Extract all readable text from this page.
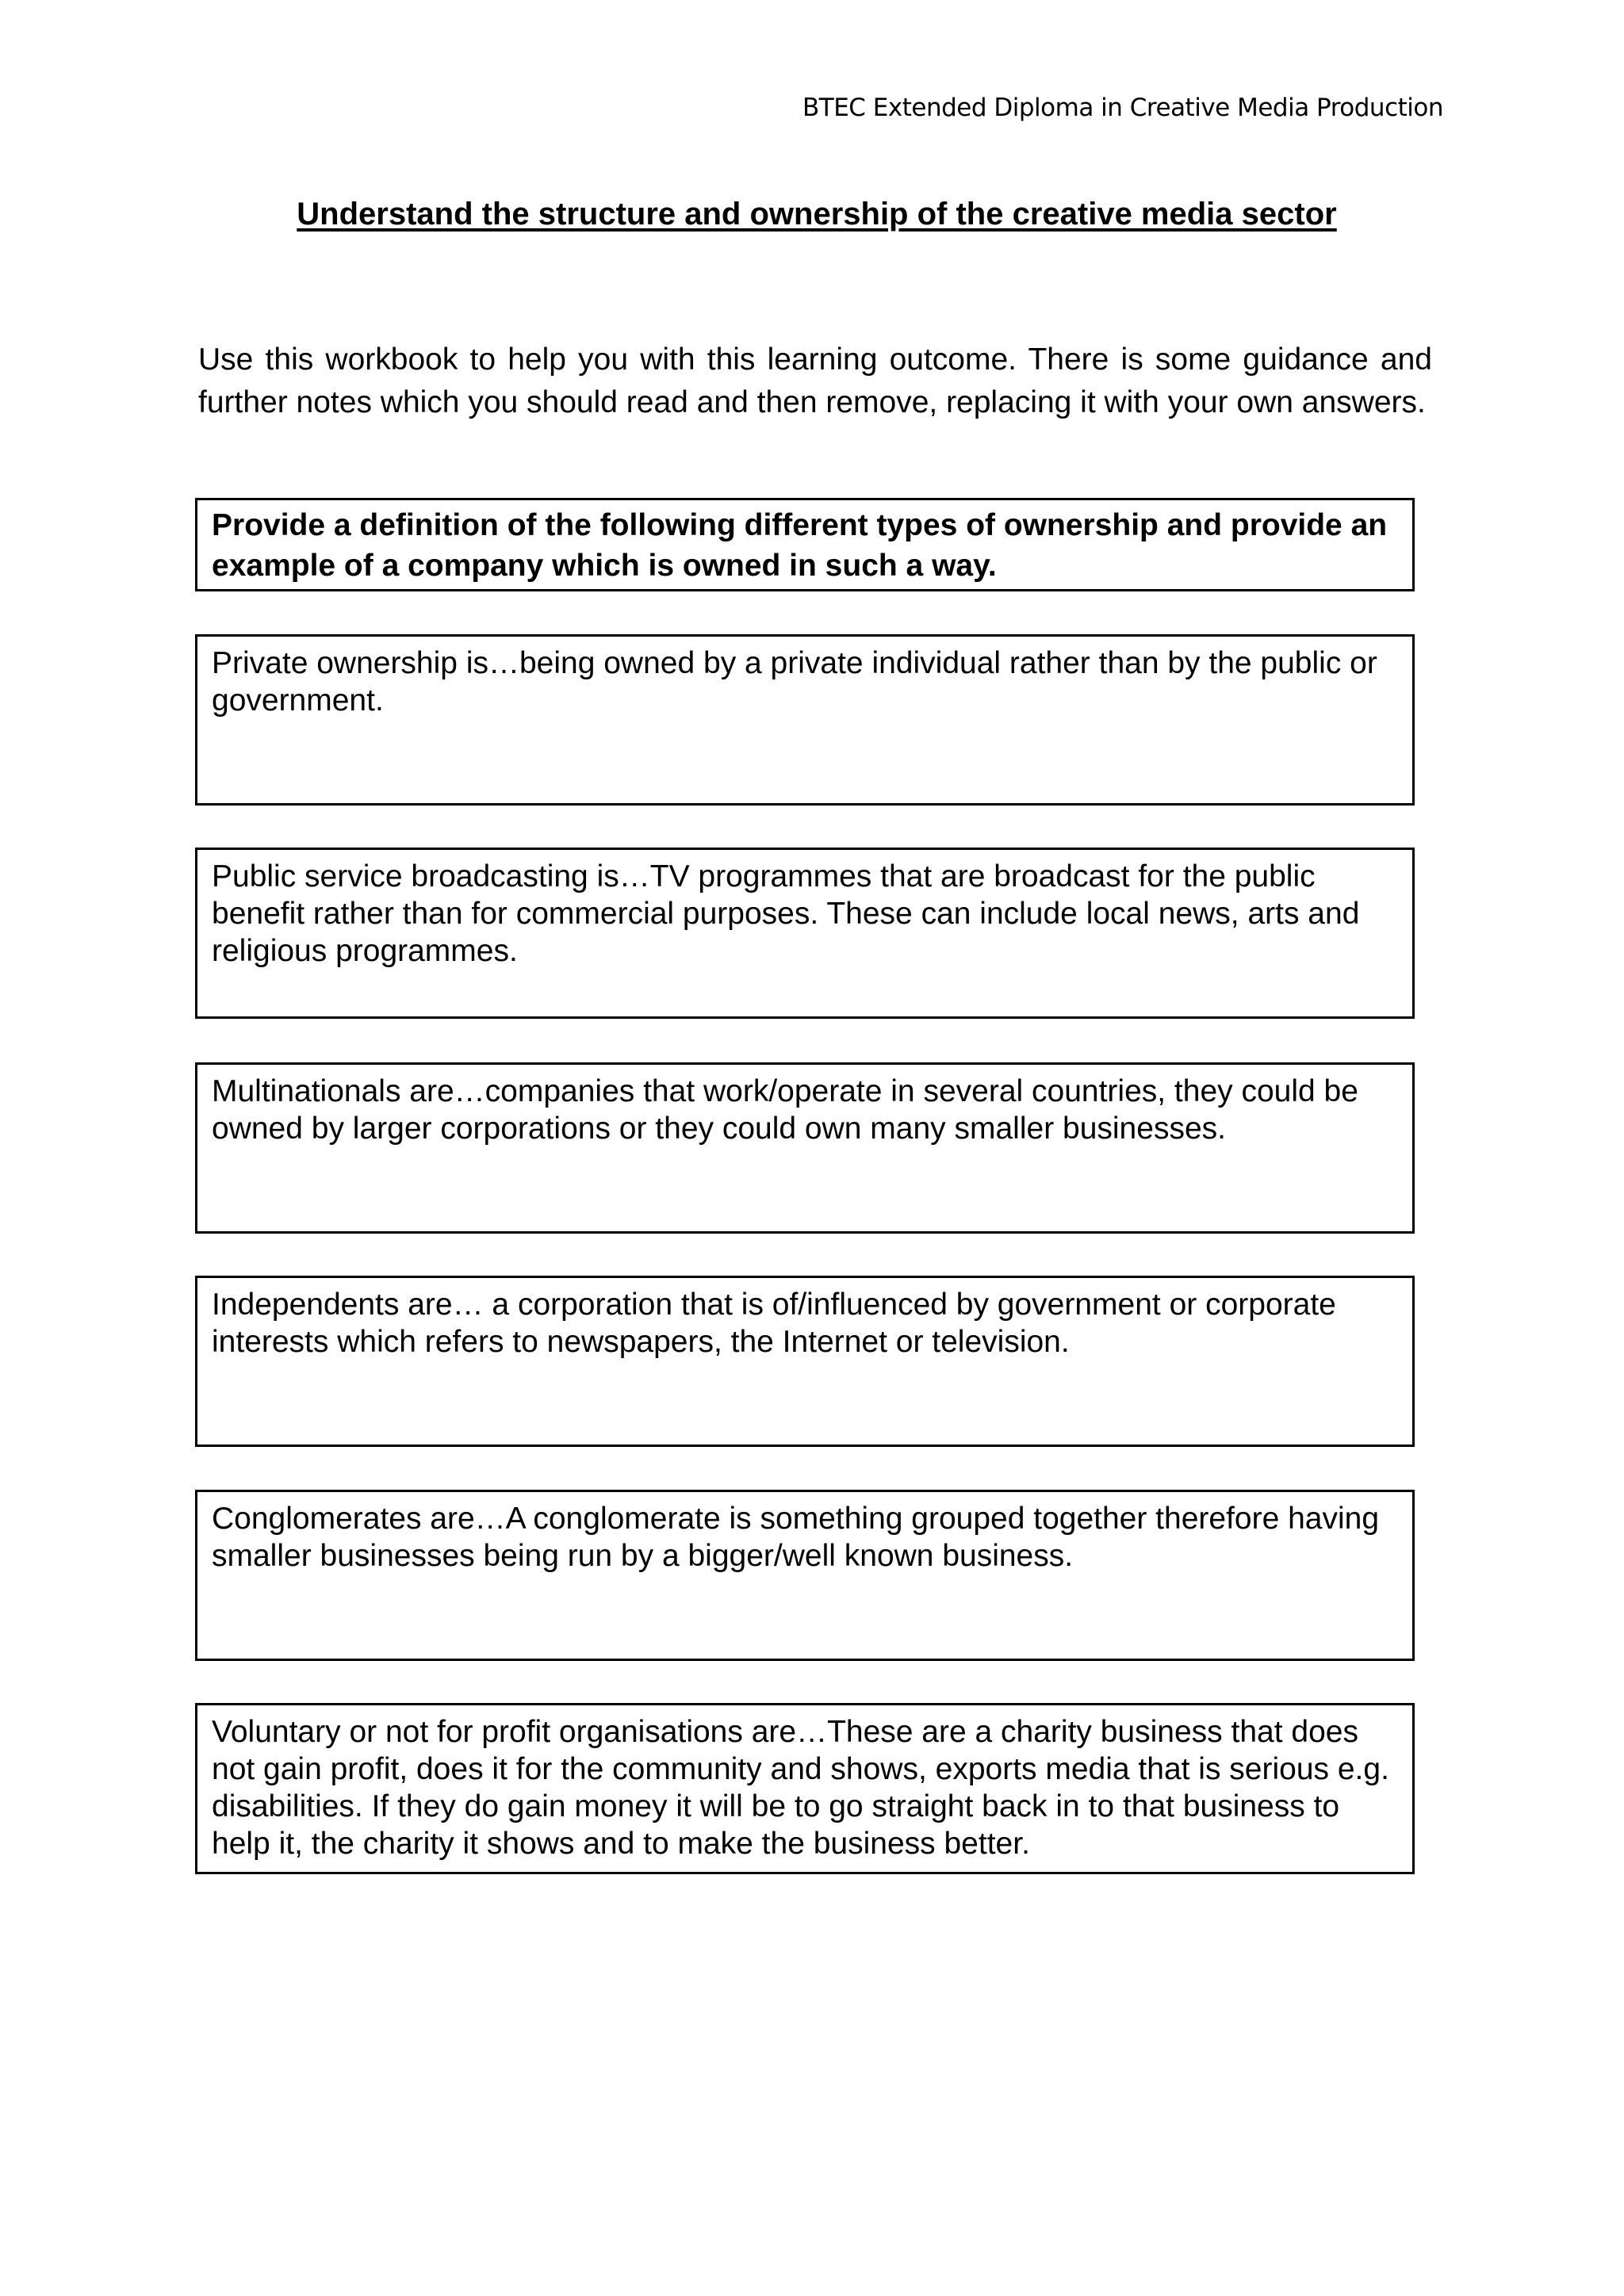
BTEC Extended Diploma in Creative Media Production
Understand the structure and ownership of the creative media sector
Use this workbook to help you with this learning outcome. There is some guidance and further notes which you should read and then remove, replacing it with your own answers.
Provide a definition of the following different types of ownership and provide an example of a company which is owned in such a way.
Private ownership is…being owned by a private individual rather than by the public or government.
Public service broadcasting is…TV programmes that are broadcast for the public benefit rather than for commercial purposes. These can include local news, arts and religious programmes.
Multinationals are…companies that work/operate in several countries, they could be owned by larger corporations or they could own many smaller businesses.
Independents are… a corporation that is of/influenced by government or corporate interests which refers to newspapers, the Internet or television.
Conglomerates are…A conglomerate is something grouped together therefore having smaller businesses being run by a bigger/well known business.
Voluntary or not for profit organisations are…These are a charity business that does not gain profit, does it for the community and shows, exports media that is serious e.g. disabilities. If they do gain money it will be to go straight back in to that business to help it, the charity it shows and to make the business better.
